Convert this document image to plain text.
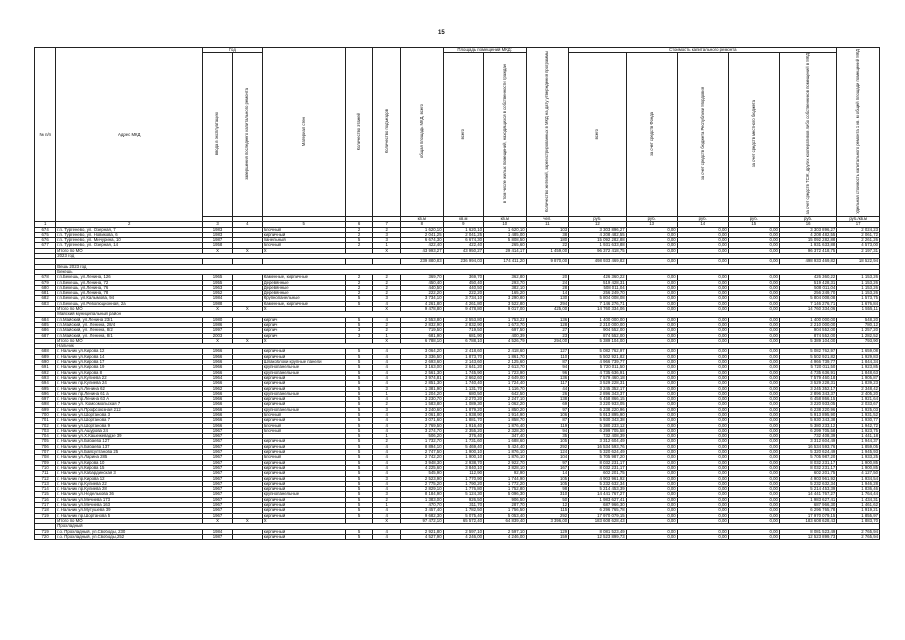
15
№ п/п	Адрес МКД	Год		Материал стен	Количество этажей	Количество подъездов	общая площадь МКД, всего	Площадь помещений МКД:		Количество жителей, зарегистрированных в МКД на дату утверждения программы	Стоимость капитального ремонта					Удельная стоимость капитального ремонта 1 кв. м общей площади помещений МКД
		ввода в эксплуатацию	завершения последнего капитального ремонта					всего	в том числе жилых помещений, находящихся в собственности граждан		всего	за счет средств Фонда	за счет средств бюджета Республики Мордовия	за счет средств местного бюджета	за счет средств ТСЖ, других кооперативов либо собственников помещений в МКД	
							кв.м	кв.м	кв.м	чел.	руб.	руб.	руб.	руб.	руб.	руб./кв.м
1	2	3	4	5	6	7	8	9	10	11	12	13	14	15	16	17
674	г.п. Тургенево, ул. Озерная, 7	1983		блочный	2	2	1 620,10	1 620,10	1 620,10	103	3 303 896,27	0,00	0,00	0,00	3 303 896,27	2 024,23
675	г.п. Тургенево, ул. Новикова, 6	1983		кирпичный	2	3	2 041,25	2 041,25	1 485,00	38	4 208 482,55	0,00	0,00	0,00	4 208 482,55	2 061,72
676	г.п. Тургенево, ул. Мичурина, 10	1987		панельный	5	3	6 674,30	6 674,30	5 808,50	180	15 092 282,88	0,00	0,00	0,00	15 092 282,88	2 261,26
677	г.п. Тургенево, ул. Озерная, 14	1958		блочный	2	1	422,40	422,40	265,60	22	1 931 633,88	0,00	0,00	0,00	1 931 633,88	4 573,00
	Итого по МО	X	X	X		X	43 993,27	43 950,27	29 414,17	1 459,00	96 372 418,75	0,00	0,00	0,00	96 372 418,75	2 197,31
	2023 год															
							239 880,83	236 994,03	174 411,20	9 870,00	498 933 469,82	0,00	0,00	0,00	498 933 469,82	18 522,94
	Вешь 2023 год															
	Бекешь															
678	г.п.Бекешь, ул.Ленина, 126	1965		Каменные, кирпичные	2	2	369,70	369,70	362,80	20	426 360,22	0,00	0,00	0,00	426 360,22	1 153,26
679	г.п.Бекешь, ул.Ленина, 72	1955		Деревянные	2	2	450,40	450,40	293,70	24	519 428,31	0,00	0,00	0,00	519 428,31	1 153,26
680	г.п.Бекешь, ул.Ленина, 76	1963		Деревянные	2	2	440,50	440,50	382,10	28	508 011,04	0,00	0,00	0,00	508 011,04	1 153,26
681	г.п.Бекешь, ул.Ленина, 78	1952		Деревянные	2	2	222,20	222,20	165,20	14	256 249,70	0,00	0,00	0,00	256 249,70	1 153,26
682	г.п.Бекешь, ул.Калымова, 94	1984		Крупнопанельные	5	3	3 734,10	3 734,10	3 290,80	130	5 804 008,08	0,00	0,00	0,00	5 804 008,08	1 573,75
683	г.п.Бекешь, ул.Революционная, 2а	1988		Каменные, кирпичные	5	4	4 261,80	4 261,80	3 522,80	294	7 146 276,71	0,00	0,00	0,00	7 146 276,71	1 676,84
	Итого по МО	X	X	X		X	9 478,80	9 478,80	9 017,00	425,00	14 760 334,06	0,00	0,00	0,00	14 760 334,06	1 555,11
	Майский муниципальный район															
684	г.п.Майский, ул.Ленина 23/1	1980		кирпич	5	4	2 553,80	2 553,80	1 753,22	136	1 400 000,00	0,00	0,00	0,00	1 400 000,00	548,20
685	г.п.Майский, ул. Ленина, 28/4	1986		кирпич	5	2	2 832,90	2 832,90	1 673,70	128	2 210 000,00	0,00	0,00	0,00	2 210 000,00	780,12
686	г.п.Майский, ул. Ленина, 8/2	1997		кирпич	3	2	719,50	719,50	697,50	27	904 552,00	0,00	0,00	0,00	904 552,00	1 257,20
687	г.п.Майский, ул. Ленина, 8/1	2003		кирпич	3	1	681,90	681,90	400,39	23	874 552,00	0,00	0,00	0,00	874 552,00	1 282,52
	Итого по МО	X	X	X		X	6 788,10	6 788,10	4 526,79	294,00	5 389 104,00	0,00	0,00	0,00	5 389 104,00	793,90
	Нальчик															
688	г. Нальчик ул.Кирова 12	1966		кирпичный	5	4	3 064,20	2 418,60	2 418,60	127	5 082 762,97	0,00	0,00	0,00	5 082 762,97	1 659,08
689	г. Нальчик ул.Кирова 14	1966		кирпичный	5	4	3 336,50	1 873,70	1 861,70	110	5 502 921,82	0,00	0,00	0,00	5 502 921,82	1 929,83
690	г. Нальчик ул.Кирова 17	1966		Шлакоблоки крупные панели	5	4	2 693,60	2 143,60	2 125,60	87	4 966 739,77	0,00	0,00	0,00	4 966 739,77	1 844,34
691	г. Нальчик ул.Кирова 19	1966		крупнопанельные	5	4	3 163,00	2 641,20	2 613,70	94	5 720 011,50	0,00	0,00	0,00	5 720 011,50	1 923,85
692	г. Нальчик ул.Кирова 8	1966		крупнопанельные	5	4	2 561,30	1 745,90	1 723,90	96	4 735 636,91	0,00	0,00	0,00	4 735 636,91	1 848,63
693	г. Нальчик ул.Кулиева 22	1964		кирпичный	5	4	3 974,81	2 662,60	2 649,00	136	7 579 460,18	0,00	0,00	0,00	7 579 460,18	1 905,87
694	г. Нальчик пр.Кулиева 24	1966		кирпичный	5	4	2 851,30	1 740,40	1 724,40	117	3 529 228,31	0,00	0,00	0,00	3 529 228,31	1 839,23
695	г. Нальчик ул.Ленина 62	1962		кирпичный	5	3	1 381,90	1 131,70	1 116,70	44	3 245 352,17	0,00	0,00	0,00	3 245 352,17	2 348,42
696	г. Нальчик пр.Ленина 61 а	1966		крупнопанельные	5	1	1 204,20	680,50	642,50	26	2 896 343,37	0,00	0,00	0,00	2 896 343,37	2 405,20
697	г. Нальчик пр.Ленина 63 А	1966		кирпичный	5	4	3 230,70	2 270,20	2 247,10	138	6 458 866,15	0,00	0,00	0,00	6 458 866,15	1 921,64
698	г. Нальчик ул. Комсомольская 7	1966		кирпичный	5	2	1 583,80	1 089,30	1 062,20	69	3 220 933,05	0,00	0,00	0,00	3 220 933,05	2 033,67
699	г. Нальчик ул.Профсоюзная 212	1966		крупнопанельные	5	3	3 240,60	1 879,20	1 850,20	97	6 238 220,96	0,00	0,00	0,00	6 238 220,96	1 925,03
700	г. Нальчик ул.Шортанова 3	1966		блочный	5	4	3 061,80	1 938,90	1 914,90	106	5 913 895,90	0,00	0,00	0,00	5 913 895,90	1 931,52
701	г. Нальчик ул.Шортанова 7	1966		кирпичный	5	4	3 071,60	1 881,70	1 858,70	87	5 930 343,38	0,00	0,00	0,00	5 930 343,38	1 930,77
702	г. Нальчик ул.Шортанова 9	1966		блочный	5	4	2 769,50	1 916,40	1 876,40	119	5 380 233,12	0,00	0,00	0,00	5 380 233,12	1 942,72
703	г. Нальчик ул.Ашурова 24	1967		блочный	5	4	3 274,70	2 355,20	2 328,20	94	6 299 705,58	0,00	0,00	0,00	6 299 705,58	1 923,75
704	г. Нальчик ул.X.Кашежевадзе 39	1967			5	1	506,20	376,40	347,40	35	732 408,39	0,00	0,00	0,00	732 408,39	1 441,18
705	г. Нальчик ул.Бабаева 127	1967		кирпичный	5	2	1 732,70	1 731,60	1 688,60	105	3 312 604,49	0,00	0,00	0,00	3 312 604,49	1 944,37
706	г. Нальчик ул.Бабаева 137	1967		кирпичный	5	4	8 894,10	5 469,40	5 424,40	292	16 534 593,76	0,00	0,00	0,00	16 534 593,76	1 859,05
707	г. Нальчик ул.Байсултанова 25	1967		кирпичный	5	4	2 747,50	1 900,10	1 876,10	124	5 320 624,49	0,00	0,00	0,00	5 320 624,49	1 945,93
708	г. Нальчик ул.Ларина 285	1967		блочный	5	4	2 742,20	1 900,10	1 876,10	104	5 705 987,20	0,00	0,00	0,00	5 705 987,20	1 933,25
709	г. Нальчик ул.Кирова 10	1967		кирпичный	5	4	3 948,30	2 938,70	2 922,70	97	8 032 231,17	0,00	0,00	0,00	8 032 231,17	1 900,85
710	г. Нальчик ул.Кирова 15	1967		кирпичный	5	4	4 225,60	3 840,10	3 828,10	167	8 032 231,17	0,00	0,00	0,00	8 032 231,17	1 900,85
711	г. Нальчик ул.Кабардинская 3	1967		кирпичный	5	4	545,90	112,90	92,90	14	602 201,75	0,00	0,00	0,00	602 201,75	4 127,50
712	г. Нальчик пр.Кирова 12	1967		кирпичный	5	3	2 523,90	1 770,90	1 744,90	105	4 903 961,92	0,00	0,00	0,00	4 903 961,92	1 934,54
713	г. Нальчик пр.Кулиева 22	1967		кирпичный	5	4	2 775,20	1 790,20	1 772,20	105	5 232 632,34	0,00	0,00	0,00	5 232 632,34	1 946,28
714	г. Нальчик пр.Кулиева 28	1967		кирпичный	5	4	2 829,10	1 776,80	1 752,80	98	5 214 453,39	0,00	0,00	0,00	5 214 453,39	1 836,46
715	г. Нальчик ул.Неделькова 36	1967		крупнопанельные	5	3	8 184,90	5 124,30	5 096,30	310	14 441 767,27	0,00	0,00	0,00	14 441 767,27	1 764,44
716	г. Нальчик ул.Мечиева 173	1967		кирпичный	5	2	1 383,00	926,50	906,50	50	1 983 627,41	0,00	0,00	0,00	1 983 627,41	1 434,31
717	г. Нальчик ул.Мечиева 163	1967		кирпичный	5	1	470,70	311,70	287,70	12	687 966,30	0,00	0,00	0,00	687 966,30	1 461,62
718	г. Нальчик ул.Мутушева 39	1967		кирпичный	5	4	3 457,40	1 782,50	1 756,50	115	6 296 765,78	0,00	0,00	0,00	6 296 765,78	1 919,21
719	г. Нальчик пр.Шортанова 5	1967		кирпичный	5	4	9 682,30	5 075,40	5 053,40	292	17 970 079,15	0,00	0,00	0,00	17 970 079,15	1 855,97
	Итого по МО	X	X	X		X	97 472,10	65 572,40	64 839,40	3 396,00	183 608 628,43	0,00	0,00	0,00	183 608 628,43	1 883,70
	Прохладный															
719	г.о. Прохладный, ул.Свободы, 230	1984		кирпичный	5	4	2 921,80	2 597,10	2 597,10	129	8 081 523,49	0,00	0,00	0,00	8 081 523,49	2 765,94
720	г.о. Прохладный, ул.Свободы,252	1987		кирпичный	5	4	4 527,90	4 246,00	4 246,00	159	12 523 899,73	0,00	0,00	0,00	12 523 899,73	2 765,94
